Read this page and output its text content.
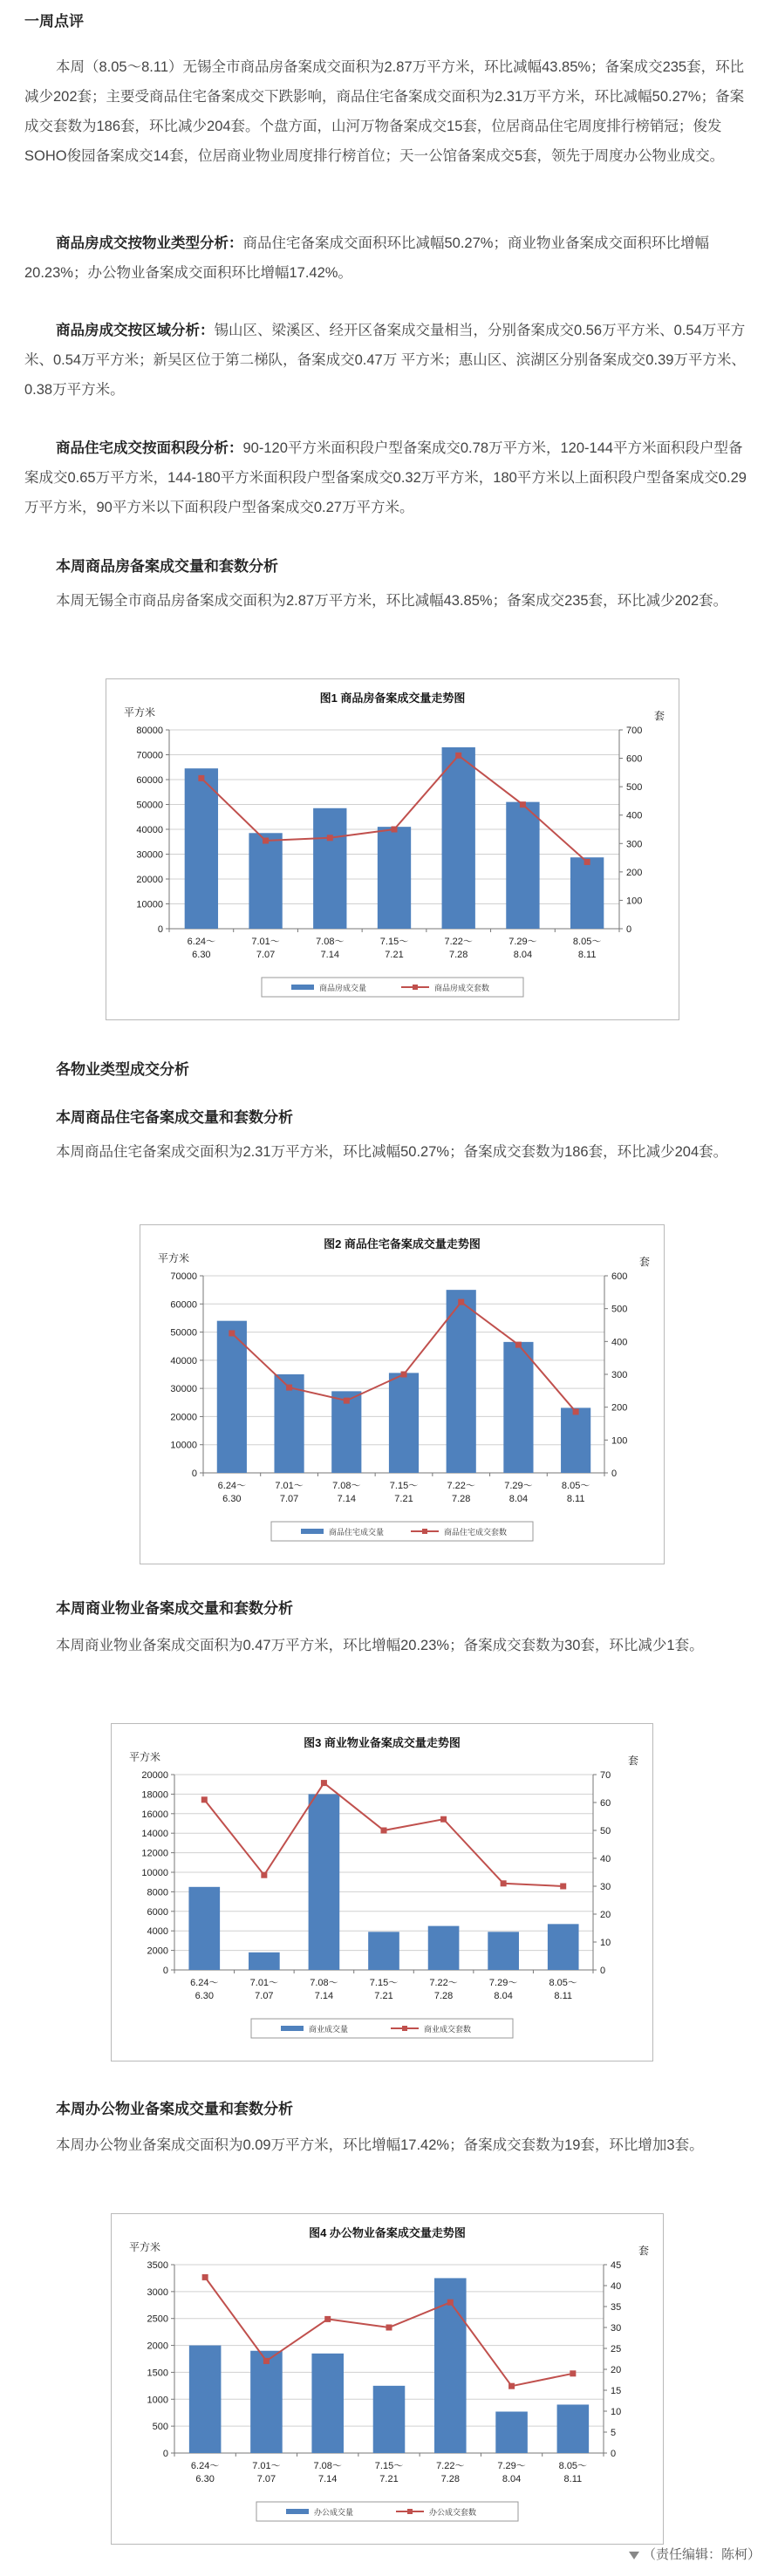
一周点评

本周（8.05～8.11）无锡全市商品房备案成交面积为2.87万平方米，环比减幅43.85%；备案成交235套，环比减少202套；主要受商品住宅备案成交下跌影响，商品住宅备案成交面积为2.31万平方米，环比减幅50.27%；备案成交套数为186套，环比减少204套。个盘方面，山河万物备案成交15套，位居商品住宅周度排行榜销冠；俊发SOHO俊园备案成交14套，位居商业物业周度排行榜首位；天一公馆备案成交5套，领先于周度办公物业成交。

商品房成交按物业类型分析：商品住宅备案成交面积环比减幅50.27%；商业物业备案成交面积环比增幅20.23%；办公物业备案成交面积环比增幅17.42%。

商品房成交按区域分析：锡山区、梁溪区、经开区备案成交量相当，分别备案成交0.56万平方米、0.54万平方米、0.54万平方米；新吴区位于第二梯队，备案成交0.47万 平方米；惠山区、滨湖区分别备案成交0.39万平方米、0.38万平方米。

商品住宅成交按面积段分析：90-120平方米面积段户型备案成交0.78万平方米，120-144平方米面积段户型备案成交0.65万平方米，144-180平方米面积段户型备案成交0.32万平方米，180平方米以上面积段户型备案成交0.29万平方米，90平方米以下面积段户型备案成交0.27万平方米。

本周商品房备案成交量和套数分析

本周无锡全市商品房备案成交面积为2.87万平方米，环比减幅43.85%；备案成交235套，环比减少202套。

图1 商品房备案成交量走势图
平方米	套
0
10000
20000
30000
40000
50000
60000
70000
80000
0
100
200
300
400
500
600
700
6.24～
6.30
7.01～
7.07
7.08～
7.14
7.15～
7.21
7.22～
7.28
7.29～
8.04
8.05～
8.11
商品房成交量	商品房成交套数
各物业类型成交分析
本周商品住宅备案成交量和套数分析

本周商品住宅备案成交面积为2.31万平方米，环比减幅50.27%；备案成交套数为186套，环比减少204套。

图2 商品住宅备案成交量走势图
平方米	套
0
10000
20000
30000
40000
50000
60000
70000
0
100
200
300
400
500
600
6.24～
6.30
7.01～
7.07
7.08～
7.14
7.15～
7.21
7.22～
7.28
7.29～
8.04
8.05～
8.11
商品住宅成交量	商品住宅成交套数
本周商业物业备案成交量和套数分析

本周商业物业备案成交面积为0.47万平方米，环比增幅20.23%；备案成交套数为30套，环比减少1套。

图3 商业物业备案成交量走势图
平方米	套
0
2000
4000
6000
8000
10000
12000
14000
16000
18000
20000
0
10
20
30
40
50
60
70
6.24～
6.30
7.01～
7.07
7.08～
7.14
7.15～
7.21
7.22～
7.28
7.29～
8.04
8.05～
8.11
商业成交量	商业成交套数
本周办公物业备案成交量和套数分析

本周办公物业备案成交面积为0.09万平方米，环比增幅17.42%；备案成交套数为19套，环比增加3套。

图4 办公物业备案成交量走势图
平方米	套
0
500
1000
1500
2000
2500
3000
3500
0
5
10
15
20
25
30
35
40
45
6.24～
6.30
7.01～
7.07
7.08～
7.14
7.15～
7.21
7.22～
7.28
7.29～
8.04
8.05～
8.11
办公成交量	办公成交套数
（责任编辑：陈柯）
